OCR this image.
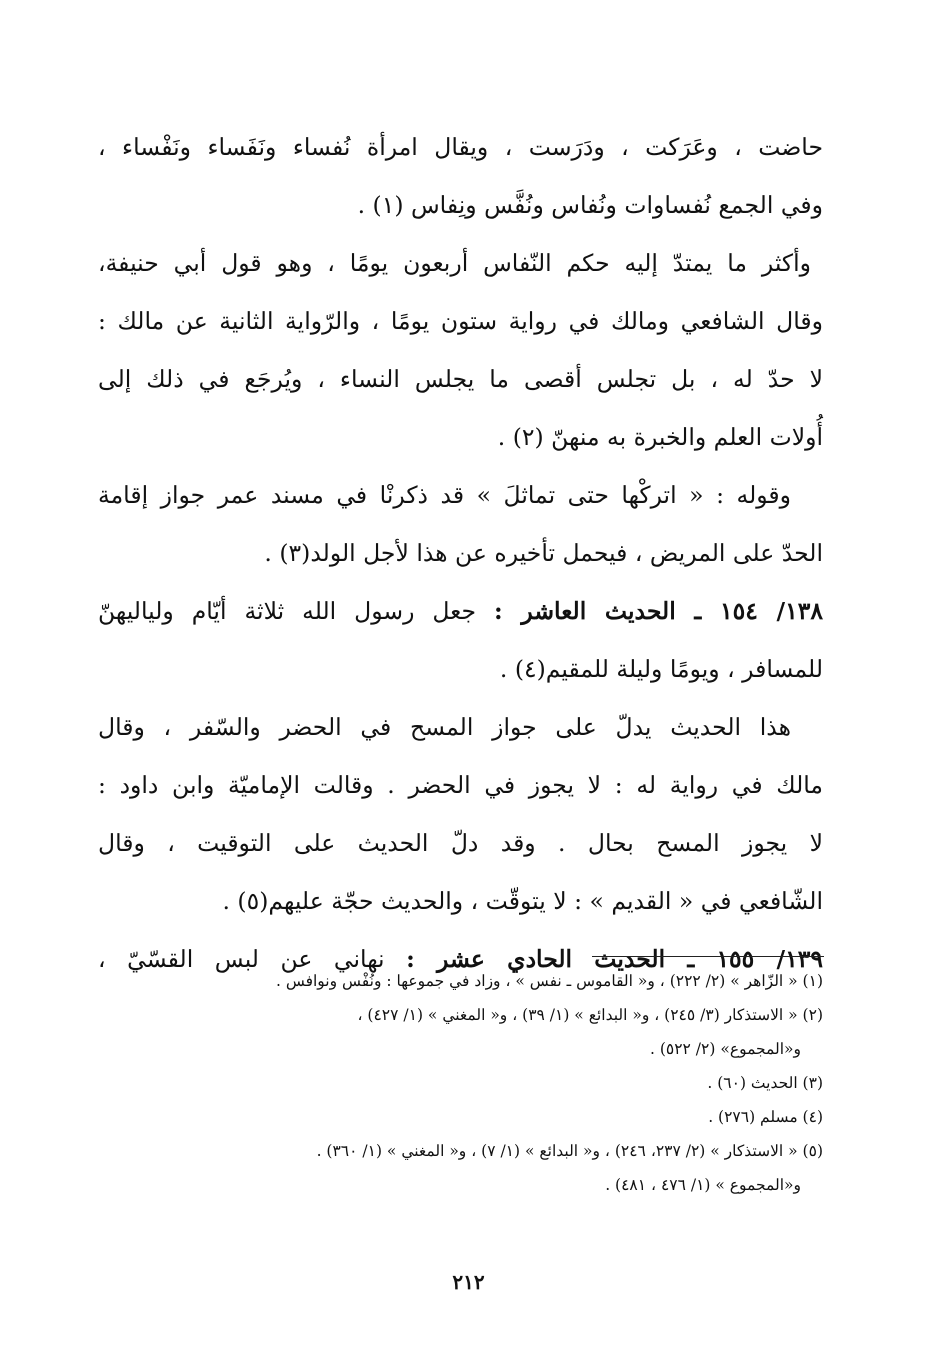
حاضت ، وعَرَكت ، ودَرَست ، ويقال امرأة نُفساء ونَفَساء ونَفْساء ،
وفي الجمع نُفساوات ونُفاس ونُفَّس ونِفاس (١) .

وأكثر ما يمتدّ إليه حكم النّفاس أربعون يومًا ، وهو قول أبي حنيفة،
وقال الشافعي ومالك في رواية ستون يومًا ، والرّواية الثانية عن مالك :
لا حدّ له ، بل تجلس أقصى ما يجلس النساء ، ويُرجَع في ذلك إلى
أُولات العلم والخبرة به منهنّ (٢) .

وقوله : « اتركْها حتى تماثلَ » قد ذكرنْا في مسند عمر جواز إقامة
الحدّ على المريض ، فيحمل تأخيره عن هذا لأجل الولد(٣) .

١٣٨/ ١٥٤ ـ الحديث العاشر : جعل رسول الله ثلاثة أيّام ولياليهنّ
للمسافر ، ويومًا وليلة للمقيم(٤) .

هذا الحديث يدلّ على جواز المسح في الحضر والسّفر ، وقال
مالك في رواية له : لا يجوز في الحضر . وقالت الإماميّة وابن داود :
لا يجوز المسح بحال . وقد دلّ الحديث على التوقيت ، وقال
الشّافعي في « القديم » : لا يتوقّت ، والحديث حجّة عليهم(٥) .

١٣٩/ ١٥٥ ـ الحديث الحادي عشر : نهاني عن لبس القسّيّ ،

(١) « الزّاهر » (٢/ ٢٢٢) ، و« القاموس ـ نفس » ، وزاد في جموعها : ونُفْس ونوافس .
(٢) « الاستذكار (٣/ ٢٤٥) ، و« البدائع » (١/ ٣٩) ، و« المغني » (١/ ٤٢٧) ،
و«المجموع» (٢/ ٥٢٢) .
(٣) الحديث (٦٠) .
(٤) مسلم (٢٧٦) .
(٥) « الاستذكار » (٢/ ٢٣٧، ٢٤٦) ، و« البدائع » (١/ ٧) ، و« المغني » (١/ ٣٦٠) .
و«المجموع » (١/ ٤٧٦ ، ٤٨١) .
٢١٢
